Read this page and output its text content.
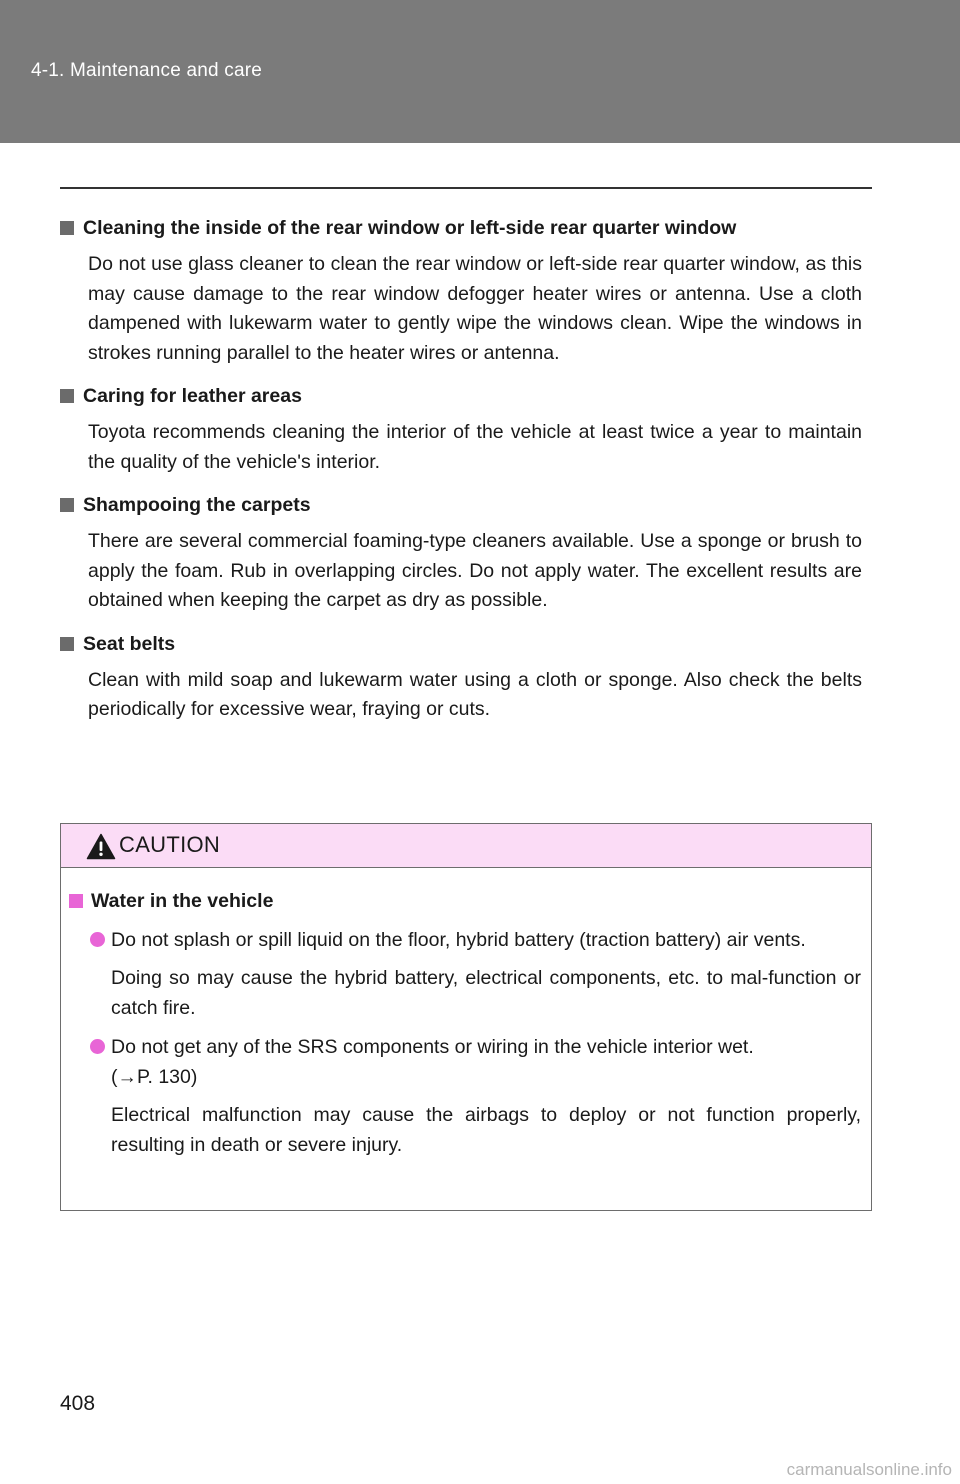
4-1. Maintenance and care
Cleaning the inside of the rear window or left-side rear quarter window
Do not use glass cleaner to clean the rear window or left-side rear quarter window, as this may cause damage to the rear window defogger heater wires or antenna. Use a cloth dampened with lukewarm water to gently wipe the windows clean. Wipe the windows in strokes running parallel to the heater wires or antenna.
Caring for leather areas
Toyota recommends cleaning the interior of the vehicle at least twice a year to maintain the quality of the vehicle's interior.
Shampooing the carpets
There are several commercial foaming-type cleaners available. Use a sponge or brush to apply the foam. Rub in overlapping circles. Do not apply water. The excellent results are obtained when keeping the carpet as dry as possible.
Seat belts
Clean with mild soap and lukewarm water using a cloth or sponge. Also check the belts periodically for excessive wear, fraying or cuts.
CAUTION
Water in the vehicle
Do not splash or spill liquid on the floor, hybrid battery (traction battery) air vents.
Doing so may cause the hybrid battery, electrical components, etc. to mal-function or catch fire.
Do not get any of the SRS components or wiring in the vehicle interior wet.
(→P. 130)
Electrical malfunction may cause the airbags to deploy or not function properly, resulting in death or severe injury.
408
carmanualsonline.info
